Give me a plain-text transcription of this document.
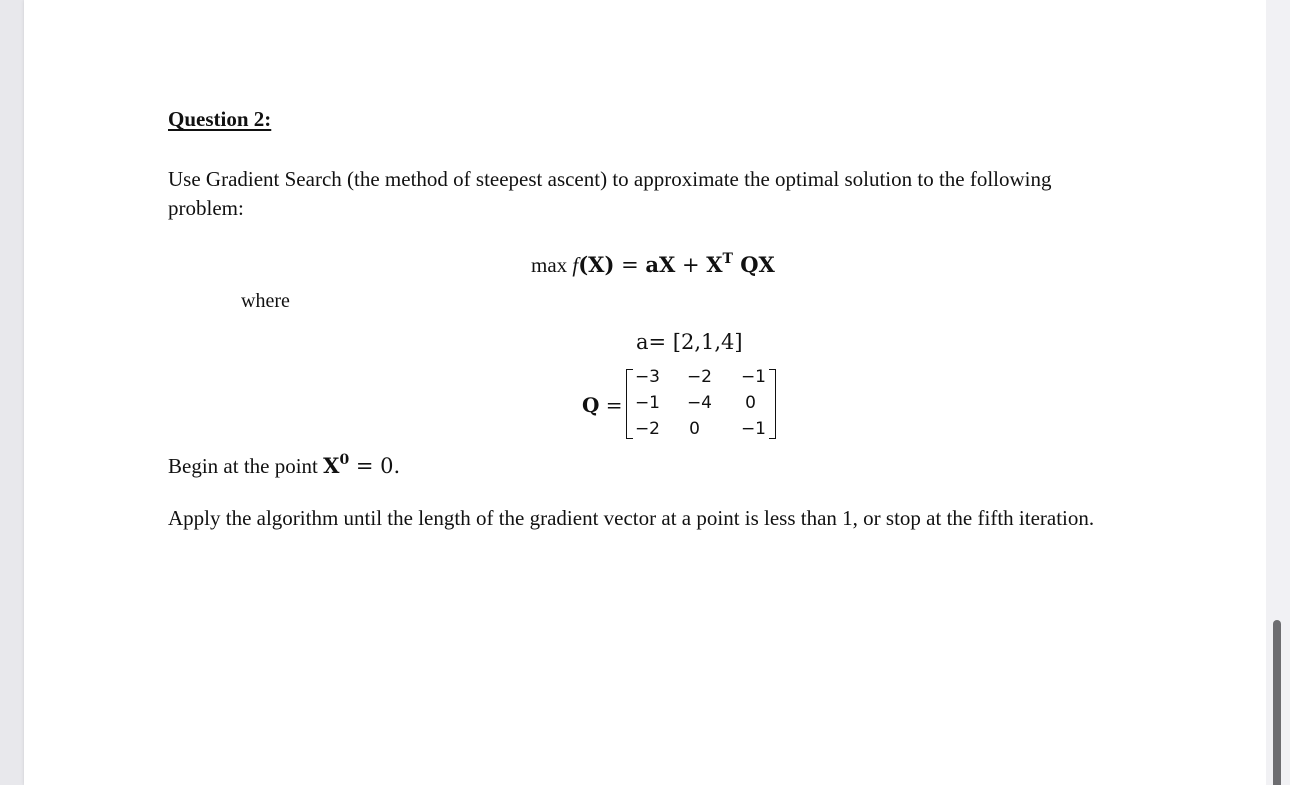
Question 2:
Use Gradient Search (the method of steepest ascent) to approximate the optimal solution to the following problem:
max f(X) = aX + $X^T$ QX
where
a= [2,1,4]
Q =
−3	−2	−1
−1	−4	0
−2	0	−1
Begin at the point $X^0 = 0$.
Apply the algorithm until the length of the gradient vector at a point is less than 1, or stop at the fifth iteration.
